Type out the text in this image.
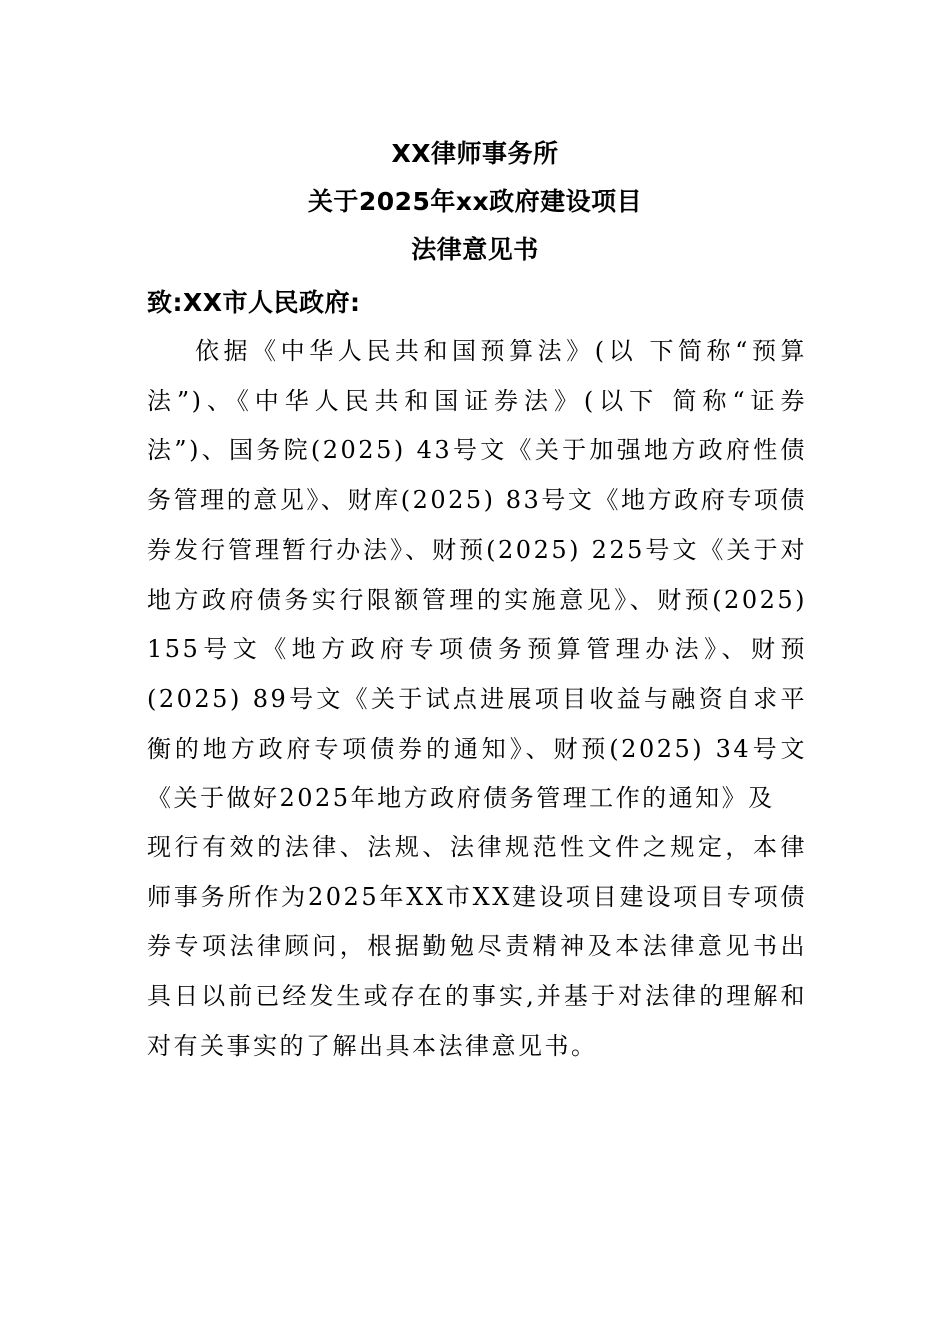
XX律师事务所
关于2025年xx政府建设项目
法律意见书
致:XX市人民政府:
依据《中华人民共和国预算法》(以 下简称“预算法”)、《中华人民共和国证券法》(以下 简称“证券法”)、国务院(2025) 43号文《关于加强地方政府性债务管理的意见》、财库(2025) 83号文《地方政府专项债券发行管理暂行办法》、财预(2025) 225号文《关于对地方政府债务实行限额管理的实施意见》、财预(2025) 155号文《地方政府专项债务预算管理办法》、财预(2025) 89号文《关于试点进展项目收益与融资自求平衡的地方政府专项债券的通知》、财预(2025) 34号文《关于做好2025年地方政府债务管理工作的通知》及
现行有效的法律、法规、法律规范性文件之规定，本律师事务所作为2025年XX市XX建设项目建设项目专项债券专项法律顾问，根据勤勉尽责精神及本法律意见书出具日以前已经发生或存在的事实,并基于对法律的理解和对有关事实的了解出具本法律意见书。
